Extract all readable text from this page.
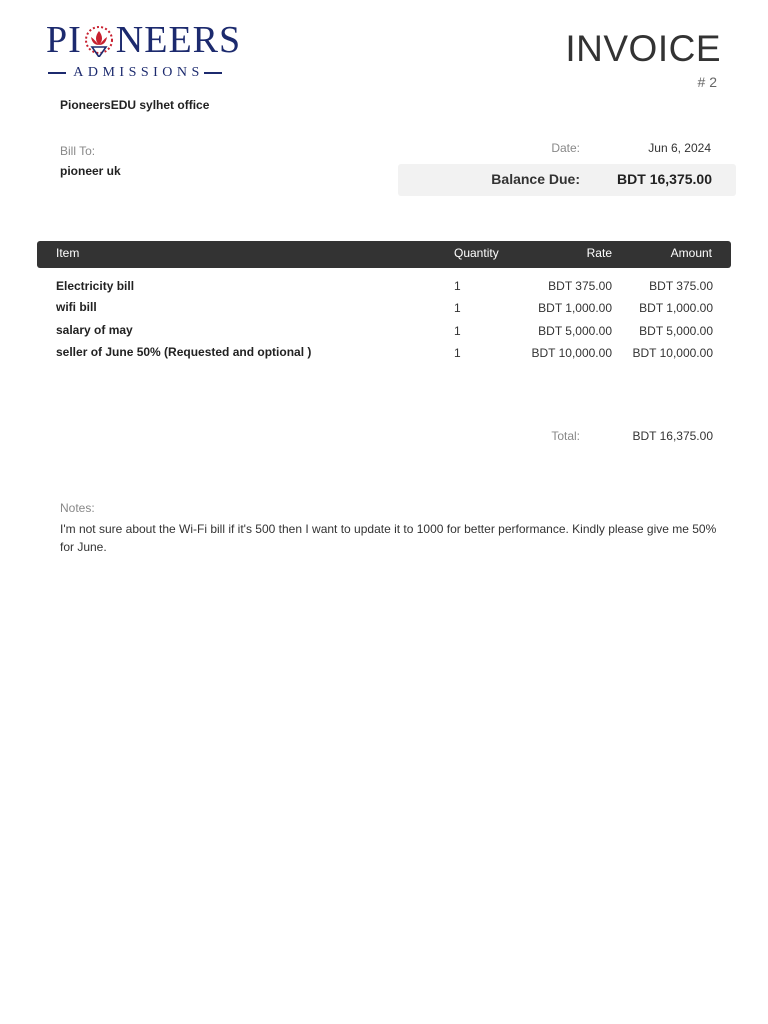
PI NEERS
ADMISSIONS
PioneersEDU sylhet office
INVOICE
# 2
Bill To:
pioneer uk
Date:	Jun 6, 2024
Balance Due:	BDT 16,375.00
Item	Quantity	Rate	Amount
Electricity bill	1	BDT 375.00	BDT 375.00
wifi bill	1	BDT 1,000.00 BDT 1,000.00
salary of may	1	BDT 5,000.00 BDT 5,000.00
seller of June 50% (Requested and optional )	1	BDT 10,000.00 BDT 10,000.00
Total:	BDT 16,375.00
Notes:
I'm not sure about the Wi-Fi bill if it's 500 then I want to update it to 1000 for better performance. Kindly please give me 50% for June.
